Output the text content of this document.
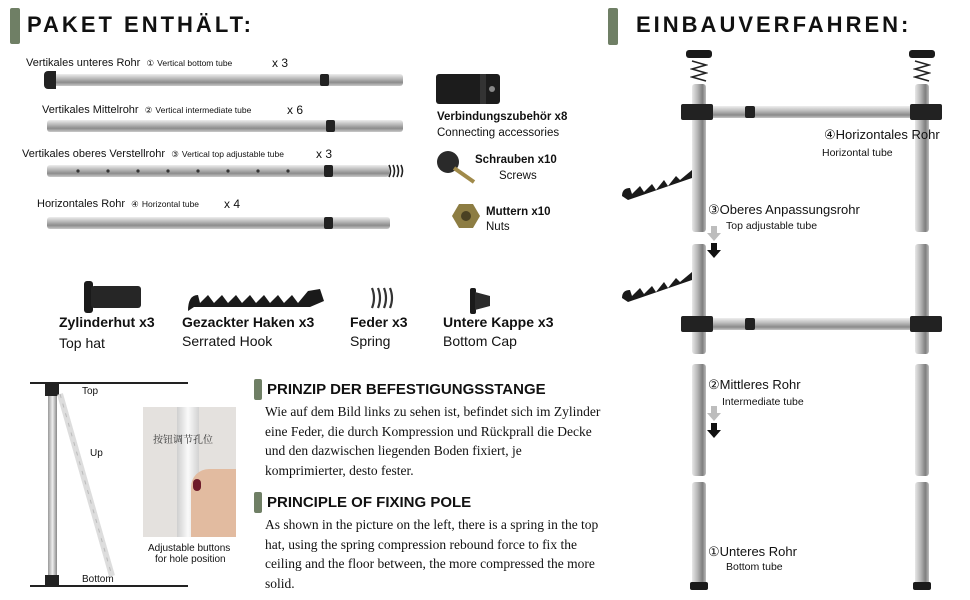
PAKET ENTHÄLT:
Vertikales unteres Rohr ① Vertical bottom tube	x 3
Vertikales Mittelrohr ② Vertical intermediate tube	x 6
Vertikales oberes Verstellrohr ③ Vertical top adjustable tube	x 3
Horizontales Rohr ④ Horizontal tube x 4
Verbindungszubehör x8
Connecting accessories
Schrauben x10
Screws
Muttern x10
Nuts
Zylinderhut x3
Top hat
Gezackter Haken x3
Serrated Hook
Feder x3
Spring
Untere Kappe x3
Bottom Cap
Top
Up
Bottom
按钮调节孔位
Adjustable buttons
for hole position
PRINZIP DER BEFESTIGUNGSSTANGE
Wie auf dem Bild links zu sehen ist, befindet sich im Zylinder eine Feder, die durch Kompression und Rückprall die Decke und den dazwischen liegenden Boden fixiert, je komprimierter, desto fester.
PRINCIPLE OF FIXING POLE
As shown in the picture on the left, there is a spring in the top hat, using the spring compression rebound force to fix the ceiling and the floor between, the more compressed the more solid.
EINBAUVERFAHREN:
④Horizontales Rohr
Horizontal tube
③Oberes Anpassungsrohr
Top adjustable tube
②Mittleres Rohr
Intermediate tube
①Unteres Rohr
Bottom tube
